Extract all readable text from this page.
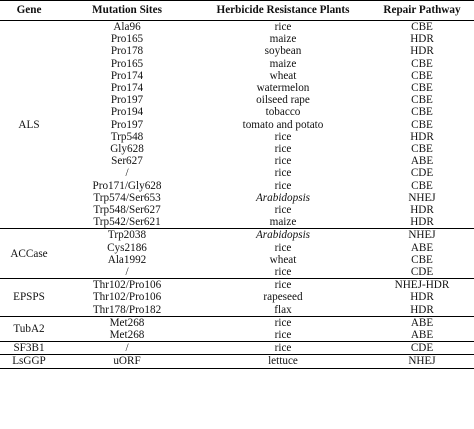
Gene	Mutation Sites	Herbicide Resistance Plants	Repair Pathway
ALS	Ala96	rice	CBE
	Pro165	maize	HDR
	Pro178	soybean	HDR
	Pro165	maize	CBE
	Pro174	wheat	CBE
	Pro174	watermelon	CBE
	Pro197	oilseed rape	CBE
	Pro194	tobacco	CBE
	Pro197	tomato and potato	CBE
	Trp548	rice	HDR
	Gly628	rice	CBE
	Ser627	rice	ABE
	/	rice	CDE
	Pro171/Gly628	rice	CBE
	Trp574/Ser653	Arabidopsis	NHEJ
	Trp548/Ser627	rice	HDR
	Trp542/Ser621	maize	HDR
ACCase	Trp2038	Arabidopsis	NHEJ
	Cys2186	rice	ABE
	Ala1992	wheat	CBE
	/	rice	CDE
EPSPS	Thr102/Pro106	rice	NHEJ-HDR
	Thr102/Pro106	rapeseed	HDR
	Thr178/Pro182	flax	HDR
TubA2	Met268	rice	ABE
	Met268	rice	ABE
SF3B1	/	rice	CDE
LsGGP	uORF	lettuce	NHEJ
